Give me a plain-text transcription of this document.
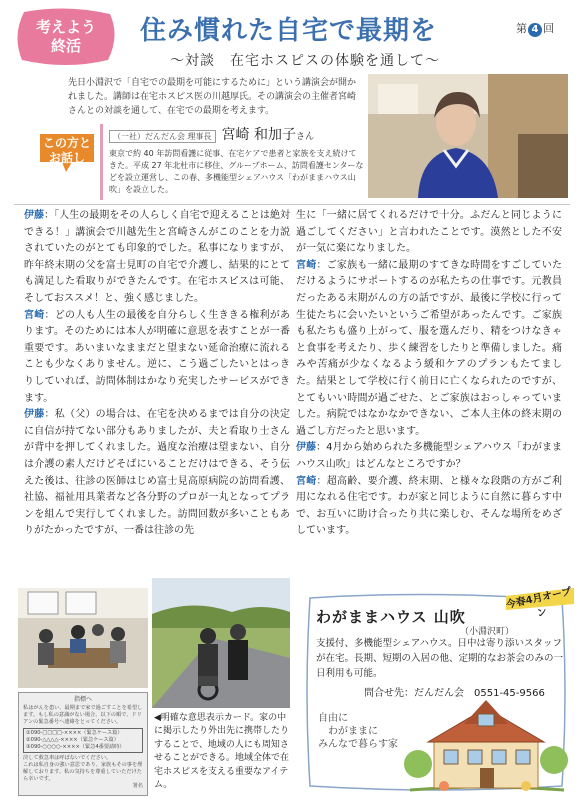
考えよう
終活	住み慣れた自宅で最期を	第 4 回
〜対談　在宅ホスピスの体験を通して〜
先日小淵沢で「自宅での最期を可能にするために」という講演会が開かれました。講師は在宅ホスピス医の川越厚氏。その講演会の主催者宮崎さんとの対談を通して、在宅での最期を考えます。
この方と
お話し
（一社）だんだん会 理事長 宮崎 和加子さん
東京で約 40 年訪問看護に従事、在宅ケアで患者と家族を支え続けてきた。平成 27 年北杜市に移住、グループホーム、訪問看護センターなどを設立運営し、この春、多機能型シェアハウス「わがままハウス山吹」を設立した。

伊藤：「人生の最期をその人らしく自宅で迎えることは絶対できる！」講演会で川越先生と宮崎さんがこのことを力説されていたのがとても印象的でした。私事になりますが、昨年終末期の父を富士見町の自宅で介護し、結果的にとても満足した看取りができたんです。在宅ホスピスは可能、そしておススメ！と、強く感じました。

宮崎：どの人も人生の最後を自分らしく生ききる権利があります。そのためには本人が明確に意思を表すことが一番重要です。あいまいなままだと望まない延命治療に流れることも少なくありません。逆に、こう過ごしたいとはっきりしていれば、訪問体制はかなり充実したサービスができます。

伊藤：私（父）の場合は、在宅を決めるまでは自分の決定に自信が持てない部分もありましたが、夫と看取り士さんが背中を押してくれました。過度な治療は望まない、自分は介護の素人だけどそばにいることだけはできる、そう伝えた後は、往診の医師はじめ富士見高原病院の訪問看護、社協、福祉用具業者など各分野のプロが一丸となってプランを組んで実行してくれました。訪問回数が多いこともありがたかったですが、一番は往診の先

生に「一緒に居てくれるだけで十分。ふだんと同じように過ごしてください」と言われたことです。漠然とした不安が一気に楽になりました。

宮崎：ご家族も一緒に最期のすてきな時間をすごしていただけるようにサポートするのが私たちの仕事です。元教員だったある末期がんの方の話ですが、最後に学校に行って生徒たちに会いたいというご希望があったんです。ご家族も私たちも盛り上がって、服を選んだり、精をつけなきゃと食事を考えたり、歩く練習をしたりと準備しました。痛みや苦痛が少なくなるよう緩和ケアのプランもたてました。結果として学校に行く前日に亡くなられたのですが、とてもいい時間が過ごせた、とご家族はおっしゃっていました。病院ではなかなかできない、ご本人主体の終末期の過ごし方だったと思います。

伊藤：4月から始められた多機能型シェアハウス「わがままハウス山吹」はどんなところですか？

宮崎：超高齢、要介護、終末期、と様々な段階の方がご利用になれる住宅です。わが家と同じように自然に暮らす中で、お互いに助け合ったり共に楽しむ、そんな場所をめざしています。

指標へ
私はがんを患い、最期まで家で過ごすことを希望します。もし私の意識がない場合、以下の順で、ドリアンの緊急番号へ連絡をとってください。
①090-□□□□-××××（緊急ケース篇）
②090-△△△△-××××（緊急ケース篇）
③090-○○○○-××××（緊急4番要請時）
決して救急車は呼ばないでください。
これは私自身の強い意思であり、家族もその事を理解しております。私の気持ちを尊重していただけたら幸いです。
署名
◀明確な意思表示カード。家の中に掲示したり外出先に携帯したりすることで、地域の人にも周知させることができる。地域全体で在宅ホスピスを支える重要なアイテム。
今春4月オープン
わがままハウス 山吹
（小淵沢町）
支援付、多機能型シェアハウス。日中は寄り添いスタッフが在宅。長期、短期の入居の他、定期的なお茶会のみの一日利用も可能。
問合せ先：だんだん会　0551-45-9566
自由に
わがままに
みんなで暮らす家
